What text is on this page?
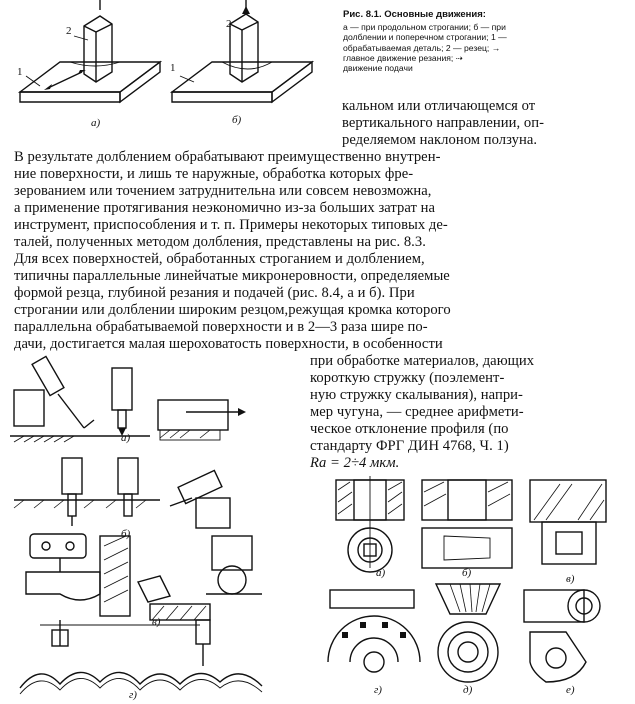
а)	б)
1
2
1
2

Рис. 8.1. Основные движения:

а — при продольном строгании; б — при

долблении и поперечном строгании; 1 —

обрабатываемая деталь; 2 — резец; →

главное движение резания; ⇢

движение подачи

кальном или отличающемся от
вертикального направлении, оп-
ределяемом наклоном ползуна.
В результате долблением обрабатывают преимущественно внутрен-
ние поверхности, и лишь те наружные, обработка которых фре-
зерованием или точением затруднительна или совсем невозможна,
а применение протягивания неэкономично из-за больших затрат на
инструмент, приспособления и т. п. Примеры некоторых типовых де-
талей, полученных методом долбления, представлены на рис. 8.3.
Для всех поверхностей, обработанных строганием и долблением,
типичны параллельные линейчатые микронеровности, определяемые
формой резца, глубиной резания и подачей (рис. 8.4, а и б). При
строгании или долблении широким резцом,режущая кромка которого
параллельна обрабатываемой поверхности и в 2—3 раза шире по-
дачи, достигается малая шероховатость поверхности, в особенности
при обработке материалов, дающих
короткую стружку (поэлемент-
ную стружку скалывания), напри-
мер чугуна, — среднее арифмети-
ческое отклонение профиля (по
стандарту ФРГ ДИН 4768, Ч. 1)
Ra = 2÷4 мкм.
а)
б)
в)
г)
а)	б)	в)
г)	д)	е)
